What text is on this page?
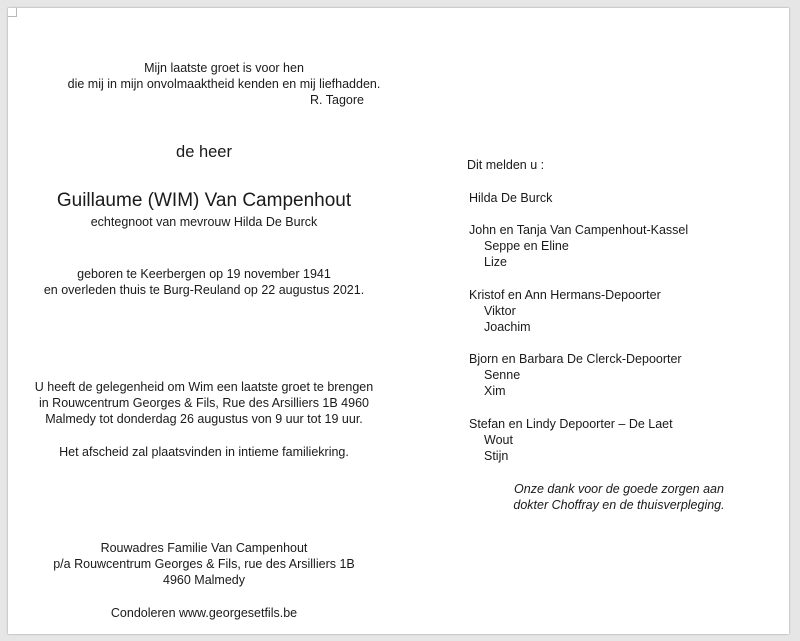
Mijn laatste groet is voor hen
die mij in mijn onvolmaaktheid kenden en mij liefhadden.
R. Tagore
de heer
Guillaume (WIM) Van Campenhout
echtegnoot van mevrouw Hilda De Burck
geboren te Keerbergen op 19 november 1941
en overleden thuis te Burg-Reuland op 22 augustus 2021.
U heeft de gelegenheid om Wim een laatste groet te brengen
in Rouwcentrum Georges & Fils, Rue des Arsilliers 1B 4960
Malmedy tot donderdag 26 augustus von 9 uur tot 19 uur.
Het afscheid zal plaatsvinden in intieme familiekring.
Rouwadres Familie Van Campenhout
p/a Rouwcentrum Georges & Fils, rue des Arsilliers 1B
4960 Malmedy
Condoleren www.georgesetfils.be
Dit melden u :
Hilda De Burck
John en Tanja Van Campenhout-Kassel
Seppe en Eline
Lize
Kristof en Ann Hermans-Depoorter
Viktor
Joachim
Bjorn en Barbara De Clerck-Depoorter
Senne
Xim
Stefan en Lindy Depoorter – De Laet
Wout
Stijn
Onze dank voor de goede zorgen aan
dokter Choffray en de thuisverpleging.
